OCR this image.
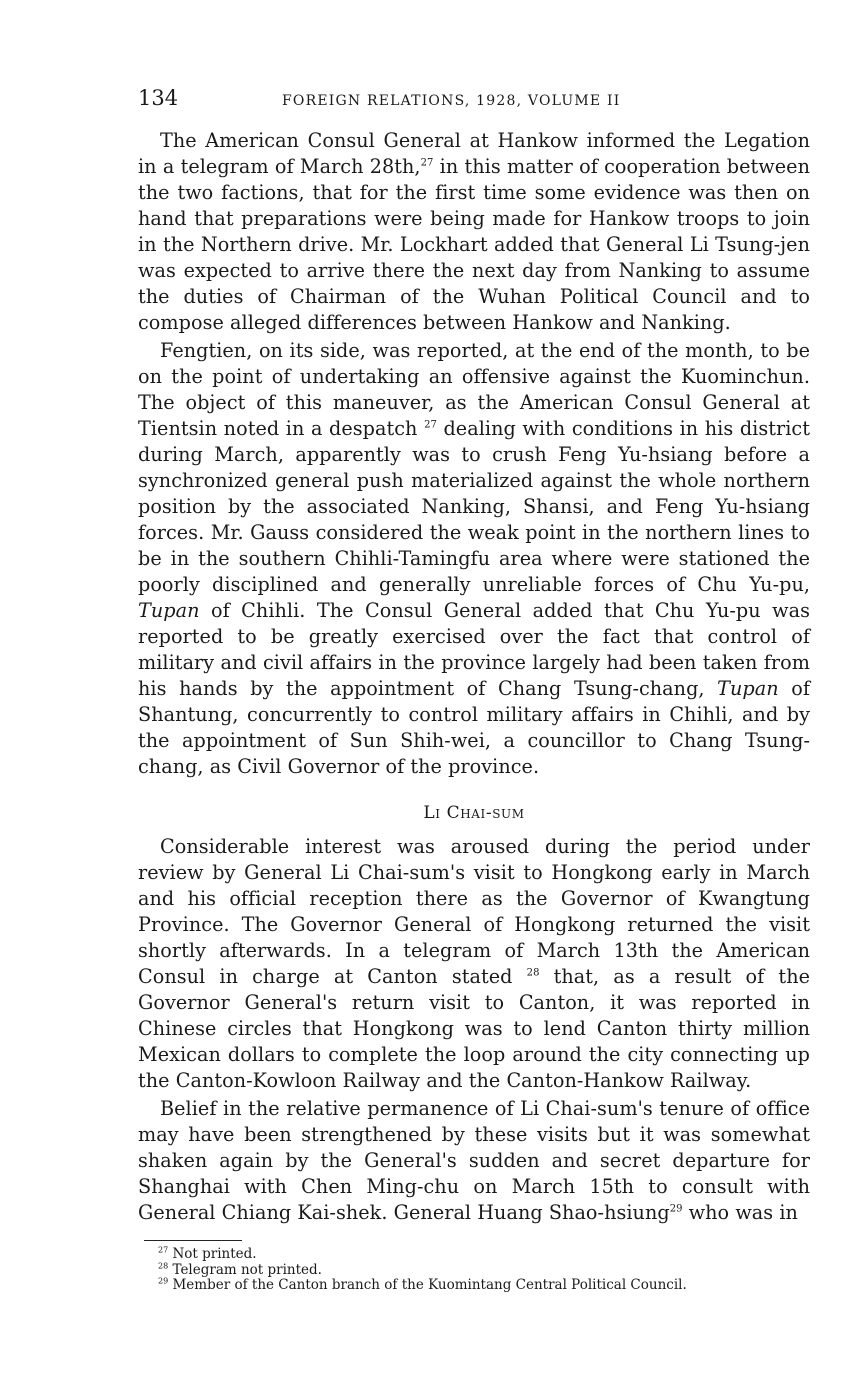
134	FOREIGN RELATIONS, 1928, VOLUME II

The American Consul General at Hankow informed the Legation in a telegram of March 28th,$^{27}$ in this matter of cooperation between the two factions, that for the first time some evidence was then on hand that preparations were being made for Hankow troops to join in the Northern drive. Mr. Lockhart added that General Li Tsung-jen was expected to arrive there the next day from Nanking to assume the duties of Chairman of the Wuhan Political Council and to compose alleged differences between Hankow and Nanking.

Fengtien, on its side, was reported, at the end of the month, to be on the point of undertaking an offensive against the Kuominchun. The object of this maneuver, as the American Consul General at Tientsin noted in a despatch $^{27}$ dealing with conditions in his district during March, apparently was to crush Feng Yu-hsiang before a synchronized general push materialized against the whole northern position by the associated Nanking, Shansi, and Feng Yu-hsiang forces. Mr. Gauss considered the weak point in the northern lines to be in the southern Chihli-Tamingfu area where were stationed the poorly disciplined and generally unreliable forces of Chu Yu-pu, Tupan of Chihli. The Consul General added that Chu Yu-pu was reported to be greatly exercised over the fact that control of military and civil affairs in the province largely had been taken from his hands by the appointment of Chang Tsung-chang, Tupan of Shantung, concurrently to control military affairs in Chihli, and by the appointment of Sun Shih-wei, a councillor to Chang Tsung-chang, as Civil Governor of the province.

Li Chai-sum

Considerable interest was aroused during the period under review by General Li Chai-sum's visit to Hongkong early in March and his official reception there as the Governor of Kwangtung Province. The Governor General of Hongkong returned the visit shortly afterwards. In a telegram of March 13th the American Consul in charge at Canton stated $^{28}$ that, as a result of the Governor General's return visit to Canton, it was reported in Chinese circles that Hongkong was to lend Canton thirty million Mexican dollars to complete the loop around the city connecting up the Canton-Kowloon Railway and the Canton-Hankow Railway.

Belief in the relative permanence of Li Chai-sum's tenure of office may have been strengthened by these visits but it was somewhat shaken again by the General's sudden and secret departure for Shanghai with Chen Ming-chu on March 15th to consult with General Chiang Kai-shek. General Huang Shao-hsiung$^{29}$ who was in

$^{27}$ Not printed.
$^{28}$ Telegram not printed.
$^{29}$ Member of the Canton branch of the Kuomintang Central Political Council.
